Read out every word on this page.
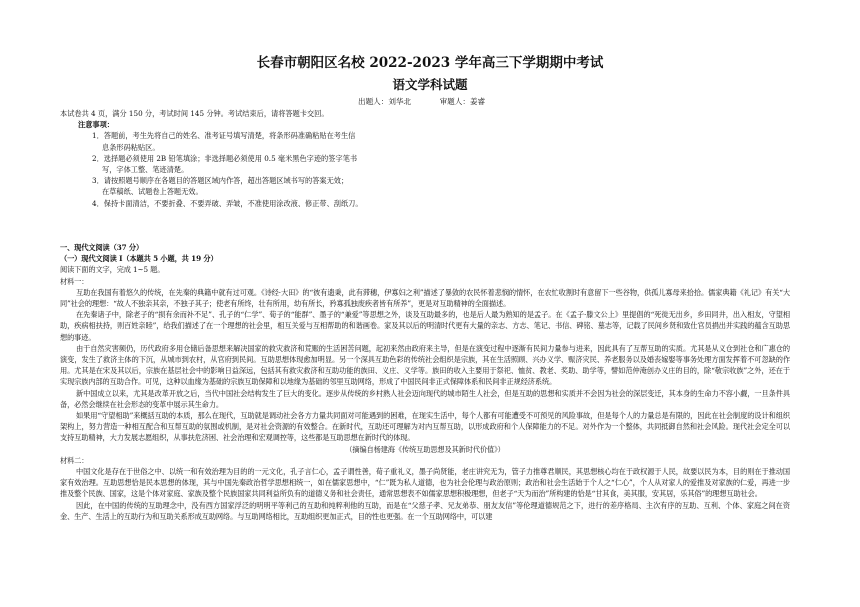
长春市朝阳区名校 2022-2023 学年高三下学期期中考试
语文学科试题
出题人：刘华北	审题人：姜睿

本试卷共 4 页，满分 150 分，考试时间 145 分钟。考试结束后，请将答题卡交回。

注意事项：

1．答题前，考生先将自己的姓名、准考证号填写清楚，将条形码准确粘贴在考生信

息条形码粘贴区。

2．选择题必须使用 2B 铅笔填涂；非选择题必须使用 0.5 毫米黑色字迹的签字笔书

写，字体工整、笔迹清楚。

3．请按照题号顺序在各题目的答题区域内作答，超出答题区域书写的答案无效；

在草稿纸、试题卷上答题无效。

4．保持卡面清洁，不要折叠、不要弄破、弄皱，不准使用涂改液、修正带、刮纸刀。

一、现代文阅读（37 分）

（一）现代文阅读 I（本题共 5 小题，共 19 分）

阅读下面的文字，完成 1~5 题。

材料一：

互助在我国有着悠久的传统，在先秦的典籍中就有过可观。《诗经·大田》的“彼有遗秉，此有滞穗，伊寡妇之利”描述了暴敛的农民怀着悲悯的情怀，在农忙收割时有意留下一些谷物，供孤儿寡母来拾拾。儒家典籍《礼记》有关“大同”社会的理想：“故人不独亲其亲，不独子其子；使老有所终，壮有所用，幼有所长，矜寡孤独废疾者皆有所养”，更是对互助精神的全面描述。

在先秦诸子中，除老子的“损有余而补不足”、孔子的“仁学”、荀子的“能群”、墨子的“兼爱”等思想之外，谈及互助最多的，也是后人最为熟知的是孟子。在《孟子·滕文公上》里提倡的“死徙无出乡，乡田同井，出入相友，守望相助，疾病相扶持，则百姓亲睦”，给我们描述了在一个理想的社会里，相互关爱与互相帮助的和谐画卷。家及其以后的明清时代更有大量的亲志、方志、笔记、书信、碑铭、墓志等，记载了民间乡贤和致仕官员捐出并实践的蕴含互助思想的事迹。

由于自然灾害频仍，历代政府多用仓储后备思想来解决国家的救灾救济和荒赈的生活困苦问题，起初来然由政府来主导，但是在演变过程中逐渐有民间力量参与进来，因此具有了互帮互助的实质。尤其是从义仓到社仓和广惠仓的演变，发生了救济主体的下沉，从城市到农村，从官府到民间。互助思想体现愈加明显。另一个深具互助色彩的传统社会组织是宗族，其在生活照顾、兴办义学、赈济灾民、养老服务以及婚丧嫁娶等事务处理方面发挥着不可忽缺的作用。尤其是在宋及其以后，宗族在基层社会中的影响日益深远，包括其有救灾救济和互助功能的族田、义庄、义学等。族田的收入主要用于祭祀、恤贫、教老、奖助、助学等，譬如范仲淹创办义庄的目的，除“敬宗收族”之外，还在于实现宗族内部的互助合作。可见，这种以血缘为基础的宗族互助保障和以地缘为基础的邻里互助网络，形成了中国民间非正式保障体系和民间非正规经济系统。

新中国成立以来，尤其是改革开放之后，当代中国社会结构发生了巨大的变化。逐步从传统的乡村熟人社会迈向现代的城市陌生人社会，但是互助的思想和实质并不会因为社会的深层变迁，其本身的生命力不容小觑，一旦条件具备，必然会继续在社会形态的变革中展示其生命力。

如果用“守望相助”来概括互助的本质，那么在现代，互助就是调动社会各方力量共同面对可能遇到的困难，在现实生活中，每个人都有可能遭受不可预见的风险事故，但是每个人的力量总是有限的，因此在社会制度的设计和组织架构上，努力营造一种相互配合和互帮互助的氛围或机制，是对社会资源的有效整合。在新时代，互助还可理解为对内互帮互助，以形成政府和个人保障能力的不足。对外作为一个整体，共同抵御自然和社会风险。现代社会定全可以支持互助精神，大力发展志愿组织，从事扶危济困、社会治理和宏观调控等，这些都是互助思想在新时代的体现。

（摘编自杨建海《传统互助思想及其新时代价值》）

材料二：

中国文化是存在于世俗之中、以统一和有效治理为目的的一元文化，孔子言仁心，孟子谓性善，荀子重礼义，墨子尚贤能，老庄讲究无为，管子力推尊君顺民，其思想核心均在于政权源于人民，故要以民为本，目的则在于推动国家有效治理。互助思想恰是民本思想的体现，其与中国先秦政治哲学思想相统一，如在儒家思想中，“仁”既为私人道德，也为社会伦理与政治原则；政治和社会生活始于个人之“仁心”，个人从对家人的爱推及对家族的仁爱，再进一步推及整个民族、国家，这是个体对家庭、家族及整个民族国家共同利益所负有的道德义务和社会责任，通常思想表不如儒家思想积极理想，但老子“天为而治”所构建的恰是“甘其食，美其服，安其居，乐其俗”的理想互助社会。

因此，在中国的传统的互助理念中，没有西方国家浮泛的明明平等利己的互助和纯粹利他的互助，而是在“父慈子孝、兄友弟恭、朋友友信”等伦理道德规范之下，进行的差序格局、主次有序的互助、互利、个体、家庭之间在资金、生产、生活上的互助行为和互助关系形成互助网络。与互助网络相比，互助组织更加正式，目的性也更强。在一个互助网络中，可以建
